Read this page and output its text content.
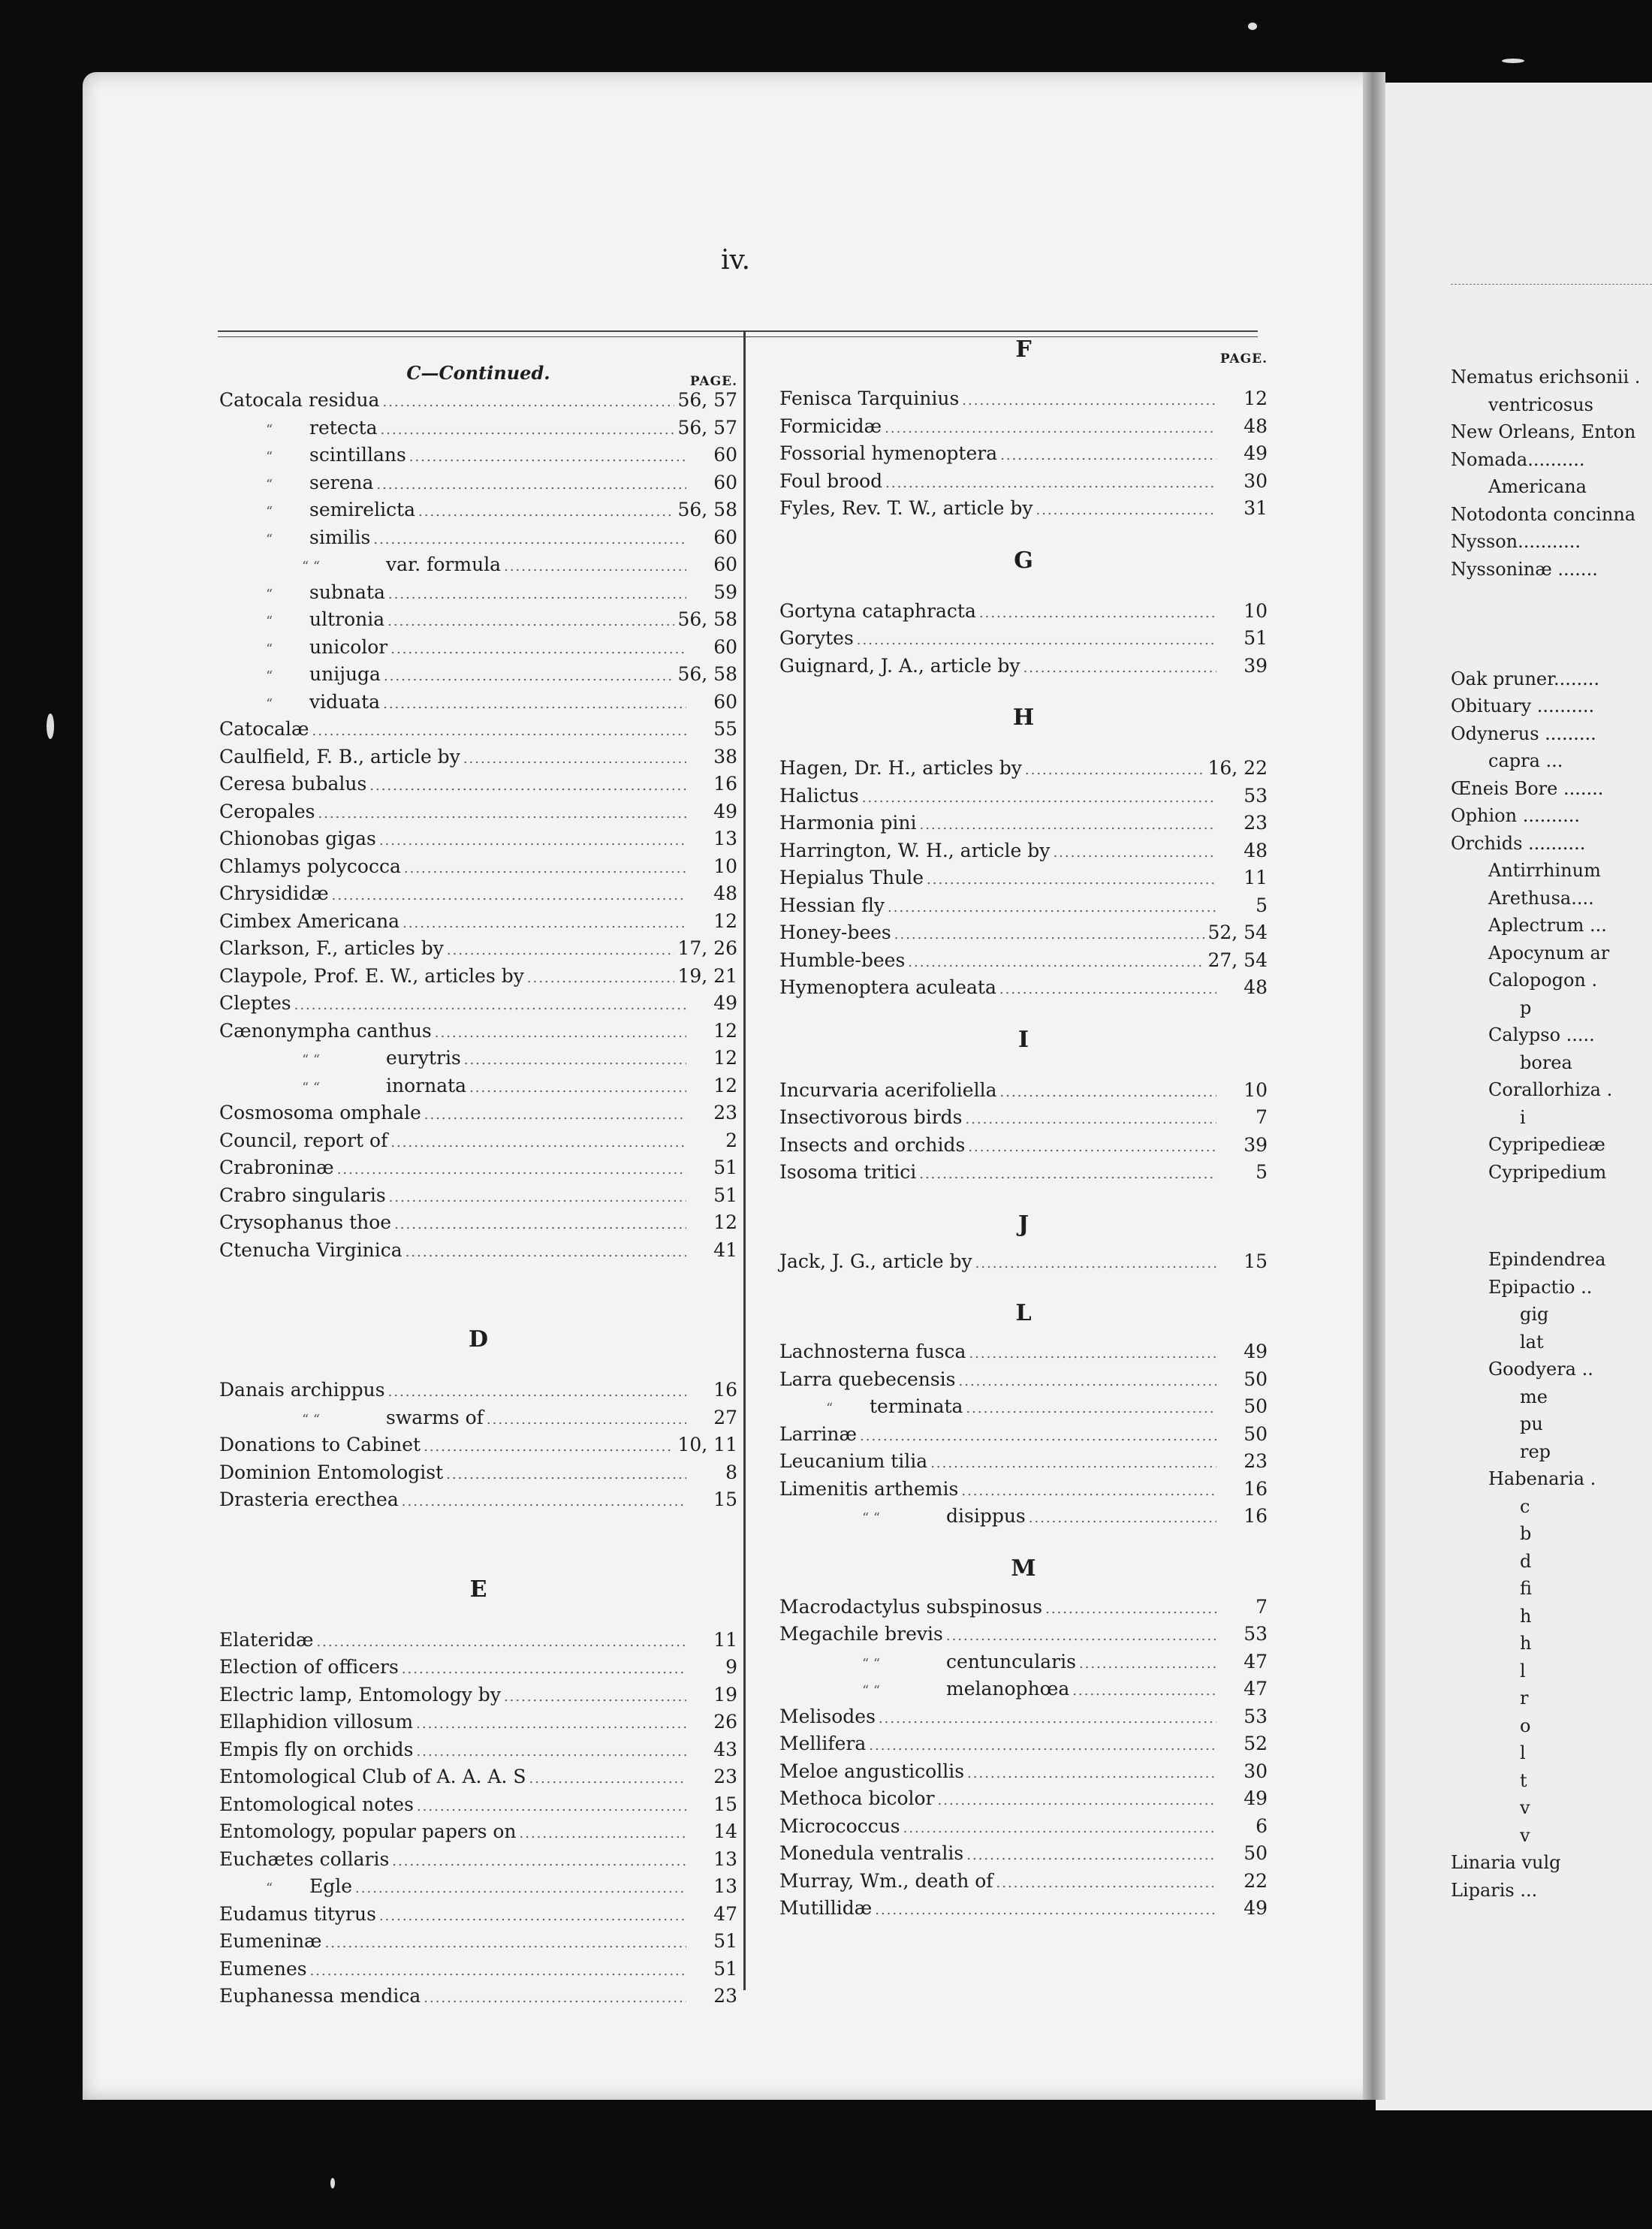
iv.
C—Continued.	PAGE.
Catocala residua .....	56, 57
“ retecta .....	56, 57
“ scintillans .....	60
“ serena .....	60
“ semirelicta .....	56, 58
“ similis .....	60
“ “	var. formula .....	60
“ subnata .....	59
“ ultronia .....	56, 58
“ unicolor .....	60
“ unijuga .....	56, 58
“ viduata .....	60
Catocalæ .....	55
Caulfield, F. B., article by .....	38
Ceresa bubalus .....	16
Ceropales .....	49
Chionobas gigas .....	13
Chlamys polycocca .....	10
Chrysididæ .....	48
Cimbex Americana .....	12
Clarkson, F., articles by .....	17, 26
Claypole, Prof. E. W., articles by .....	19, 21
Cleptes .....	49
Cænonympha canthus .....	12
“ “	eurytris .....	12
“ “	inornata .....	12
Cosmosoma omphale .....	23
Council, report of .....	2
Crabroninæ .....	51
Crabro singularis .....	51
Crysophanus thoe .....	12
Ctenucha Virginica .....	41
D
Danais archippus .....	16
“ “	swarms of .....	27
Donations to Cabinet .....	10, 11
Dominion Entomologist .....	8
Drasteria erecthea .....	15
E
Elateridæ .....	11
Election of officers .....	9
Electric lamp, Entomology by .....	19
Ellaphidion villosum .....	26
Empis fly on orchids .....	43
Entomological Club of A. A. A. S .....	23
Entomological notes .....	15
Entomology, popular papers on .....	14
Euchætes collaris .....	13
“ Egle .....	13
Eudamus tityrus .....	47
Eumeninæ .....	51
Eumenes .....	51
Euphanessa mendica .....	23
F	PAGE.
Fenisca Tarquinius .....	12
Formicidæ .....	48
Fossorial hymenoptera .....	49
Foul brood .....	30
Fyles, Rev. T. W., article by .....	31
G
Gortyna cataphracta .....	10
Gorytes .....	51
Guignard, J. A., article by .....	39
H
Hagen, Dr. H., articles by .....	16, 22
Halictus .....	53
Harmonia pini .....	23
Harrington, W. H., article by .....	48
Hepialus Thule .....	11
Hessian fly .....	5
Honey-bees .....	52, 54
Humble-bees .....	27, 54
Hymenoptera aculeata .....	48
I
Incurvaria acerifoliella .....	10
Insectivorous birds .....	7
Insects and orchids .....	39
Isosoma tritici .....	5
J
Jack, J. G., article by .....	15
L
Lachnosterna fusca .....	49
Larra quebecensis .....	50
“ terminata .....	50
Larrinæ .....	50
Leucanium tilia .....	23
Limenitis arthemis .....	16
“ “	disippus .....	16
M
Macrodactylus subspinosus .....	7
Megachile brevis .....	53
“ “	centuncularis .....	47
“ “	melanophœa .....	47
Melisodes .....	53
Mellifera .....	52
Meloe angusticollis .....	30
Methoca bicolor .....	49
Micrococcus .....	6
Monedula ventralis .....	50
Murray, Wm., death of .....	22
Mutillidæ .....	49
Nematus erichsonii .
ventricosus
New Orleans, Enton
Nomada..........
Americana
Notodonta concinna
Nysson...........
Nyssoninæ .......
Oak pruner........
Obituary ..........
Odynerus .........
capra ...
Œneis Bore .......
Ophion ..........
Orchids ..........
Antirrhinum
Arethusa....
Aplectrum ...
Apocynum ar
Calopogon .
p
Calypso .....
borea
Corallorhiza .
i
Cypripedieæ
Cypripedium
Epindendrea
Epipactio ..
gig
lat
Goodyera ..
me
pu
rep
Habenaria .
c
b
d
fi
h
h
l
r
o
l
t
v
v
Linaria vulg
Liparis ...
